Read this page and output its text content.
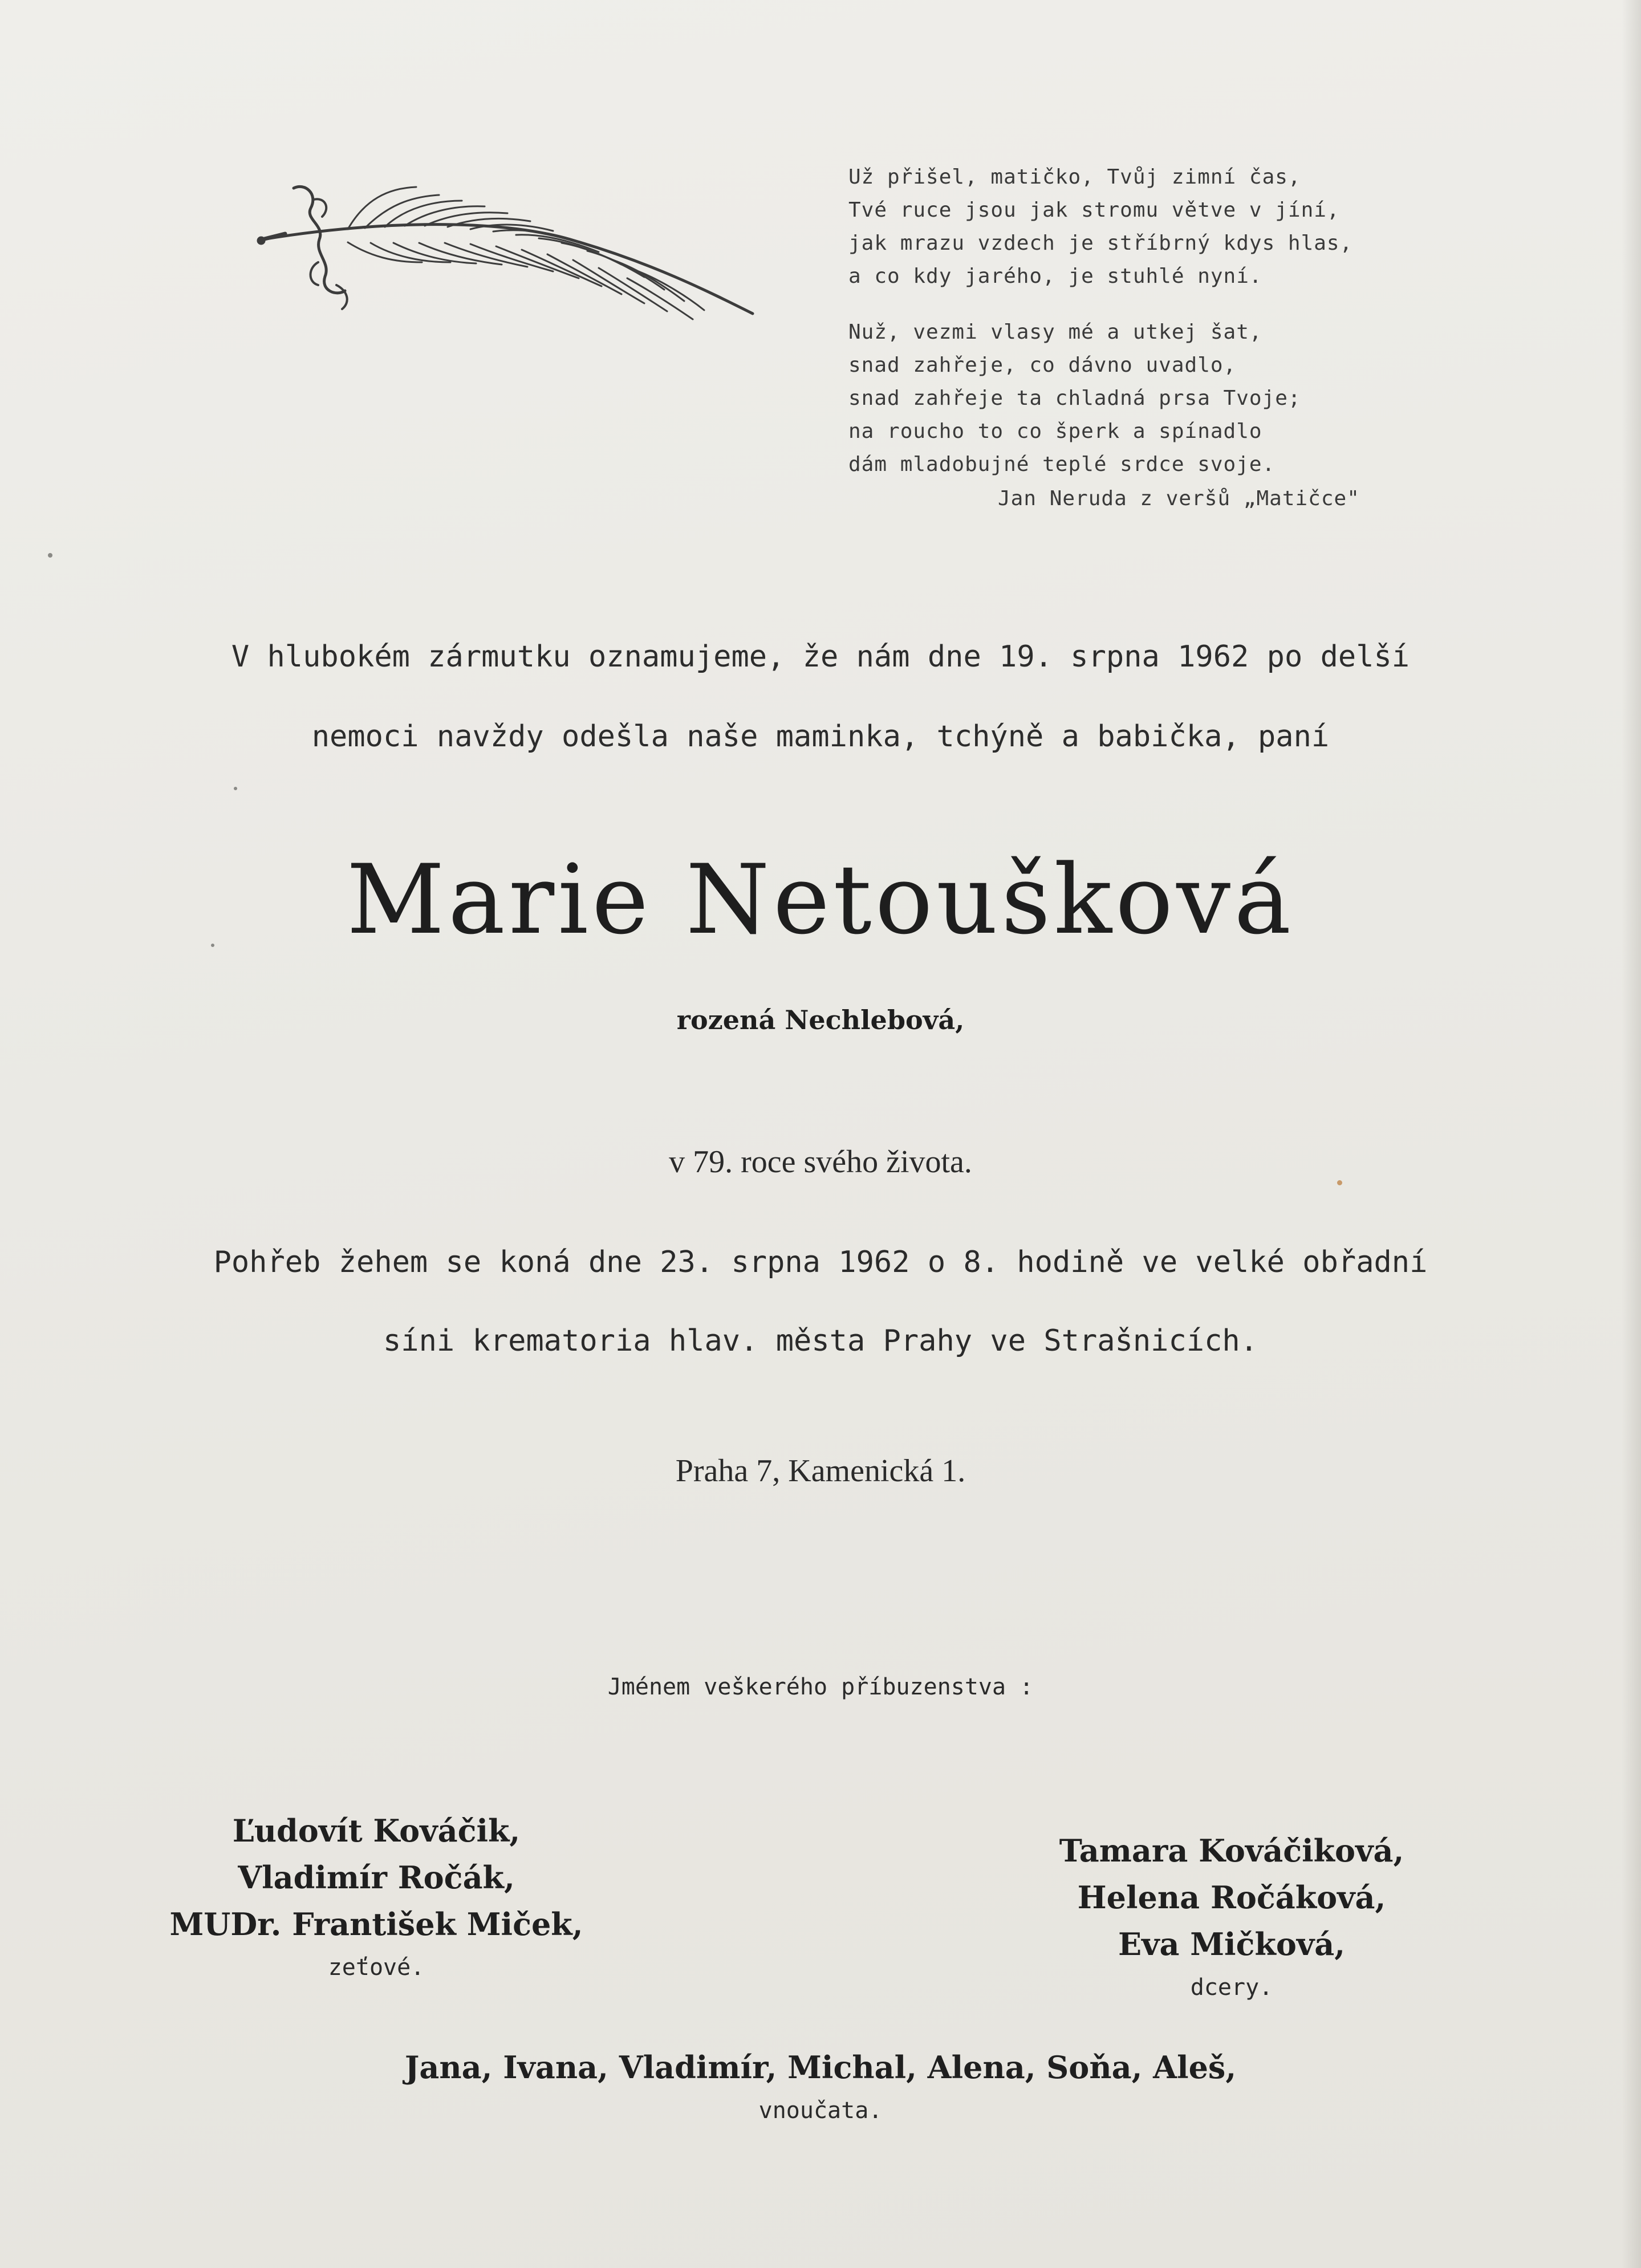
Už přišel, matičko, Tvůj zimní čas,
Tvé ruce jsou jak stromu větve v jíní,
jak mrazu vzdech je stříbrný kdys hlas,
a co kdy jarého, je stuhlé nyní.
Nuž, vezmi vlasy mé a utkej šat,
snad zahřeje, co dávno uvadlo,
snad zahřeje ta chladná prsa Tvoje;
na roucho to co šperk a spínadlo
dám mladobujné teplé srdce svoje.
Jan Neruda z veršů „Matičce"
V hlubokém zármutku oznamujeme, že nám dne 19. srpna 1962 po delší
nemoci navždy odešla naše maminka, tchýně a babička, paní
Marie Netoušková
rozená Nechlebová,
v 79. roce svého života.
Pohřeb žehem se koná dne 23. srpna 1962 o 8. hodině ve velké obřadní
síni krematoria hlav. města Prahy ve Strašnicích.
Praha 7, Kamenická 1.
Jménem veškerého příbuzenstva :
Ľudovít Kováčik,
Vladimír Ročák,
MUDr. František Miček,
zeťové.
Tamara Kováčiková,
Helena Ročáková,
Eva Mičková,
dcery.
Jana, Ivana, Vladimír, Michal, Alena, Soňa, Aleš,
vnoučata.
